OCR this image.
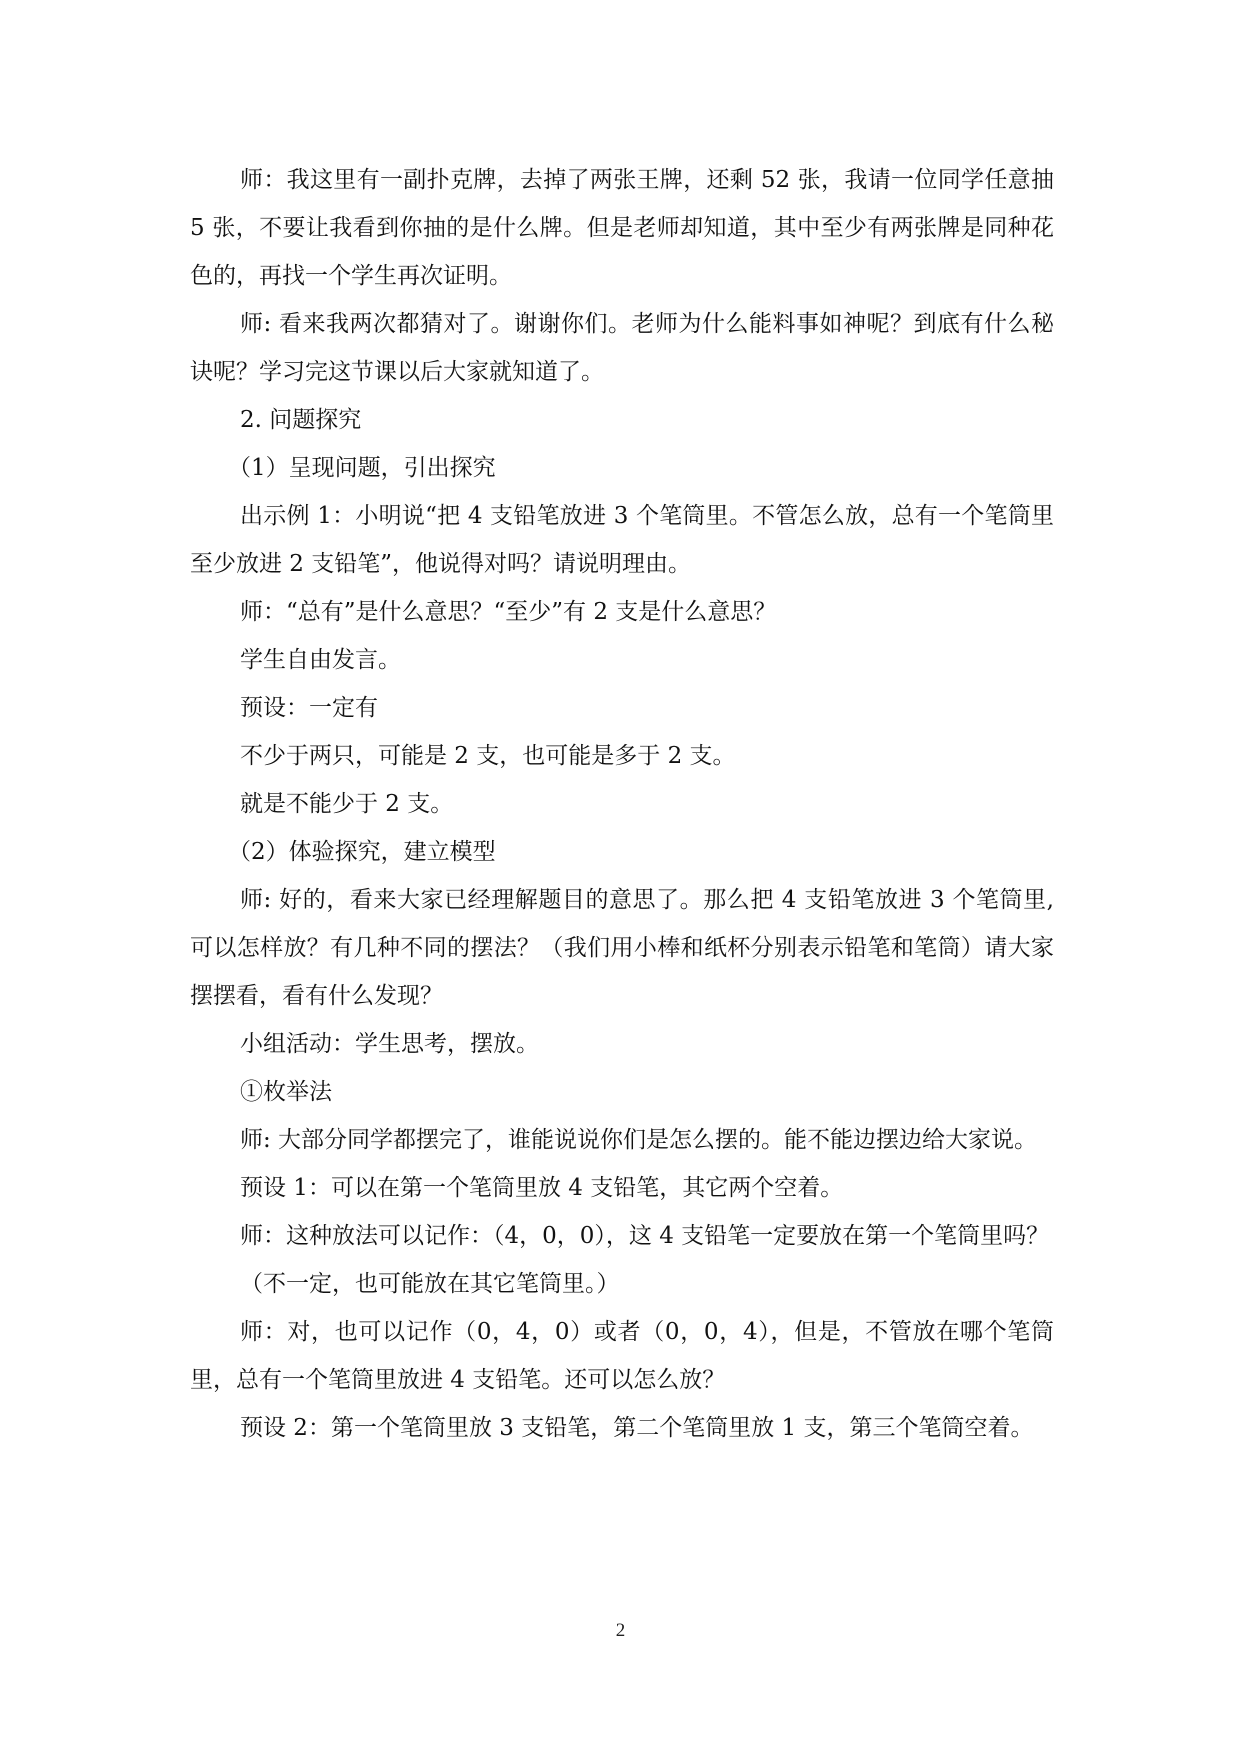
师：我这里有一副扑克牌，去掉了两张王牌，还剩 52 张，我请一位同学任意抽 5 张，不要让我看到你抽的是什么牌。但是老师却知道，其中至少有两张牌是同种花色的，再找一个学生再次证明。

师: 看来我两次都猜对了。谢谢你们。老师为什么能料事如神呢？到底有什么秘诀呢？学习完这节课以后大家就知道了。

2. 问题探究

（1）呈现问题，引出探究

出示例 1：小明说“把 4 支铅笔放进 3 个笔筒里。不管怎么放，总有一个笔筒里至少放进 2 支铅笔”，他说得对吗？请说明理由。

师：“总有”是什么意思？“至少”有 2 支是什么意思？

学生自由发言。

预设：一定有

不少于两只，可能是 2 支，也可能是多于 2 支。

就是不能少于 2 支。

（2）体验探究，建立模型

师: 好的，看来大家已经理解题目的意思了。那么把 4 支铅笔放进 3 个笔筒里,可以怎样放？有几种不同的摆法？（我们用小棒和纸杯分别表示铅笔和笔筒）请大家摆摆看，看有什么发现？

小组活动：学生思考，摆放。

①枚举法

师: 大部分同学都摆完了，谁能说说你们是怎么摆的。能不能边摆边给大家说。

预设 1：可以在第一个笔筒里放 4 支铅笔，其它两个空着。

师：这种放法可以记作：（4，0，0），这 4 支铅笔一定要放在第一个笔筒里吗？

（不一定，也可能放在其它笔筒里。）

师：对，也可以记作（0，4，0）或者（0，0，4），但是，不管放在哪个笔筒里，总有一个笔筒里放进 4 支铅笔。还可以怎么放？

预设 2：第一个笔筒里放 3 支铅笔，第二个笔筒里放 1 支，第三个笔筒空着。

2
